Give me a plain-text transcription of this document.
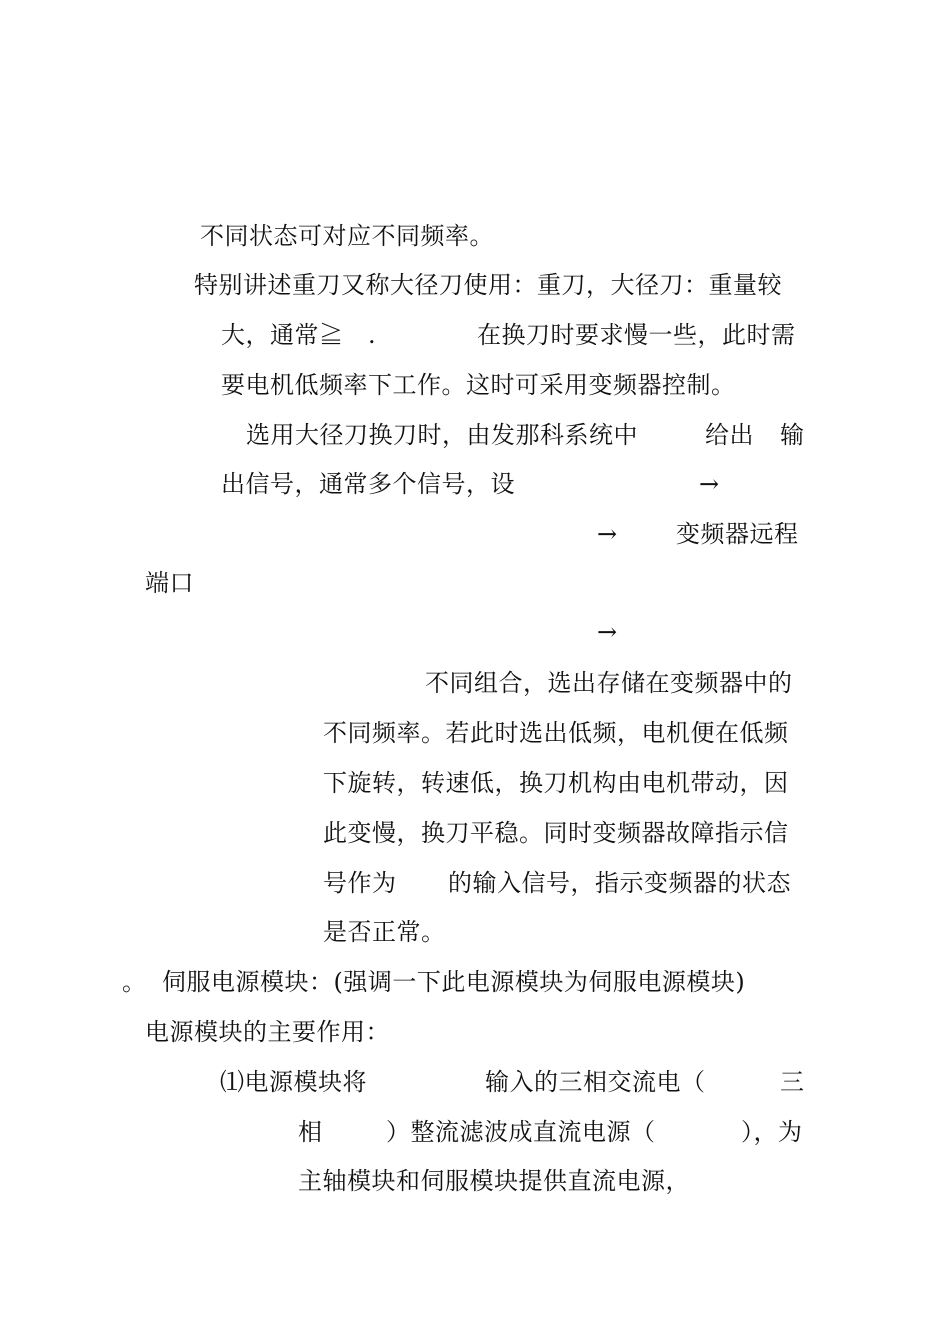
不同状态可对应不同频率。
特别讲述重刀又称大径刀使用：重刀，大径刀：重量较
大，通常≧ .	在换刀时要求慢一些，此时需
要电机低频率下工作。这时可采用变频器控制。
选用大径刀换刀时，由发那科系统中	给出 输
出信号，通常多个信号，设	→
→ 变频器远程
端口
→
不同组合，选出存储在变频器中的
不同频率。若此时选出低频，电机便在低频
下旋转，转速低，换刀机构由电机带动，因
此变慢，换刀平稳。同时变频器故障指示信
号作为 的输入信号，指示变频器的状态
是否正常。
。 伺服电源模块：(强调一下此电源模块为伺服电源模块)
电源模块的主要作用：
⑴电源模块将	输入的三相交流电（	三
相	）整流滤波成直流电源（	），为
主轴模块和伺服模块提供直流电源，
